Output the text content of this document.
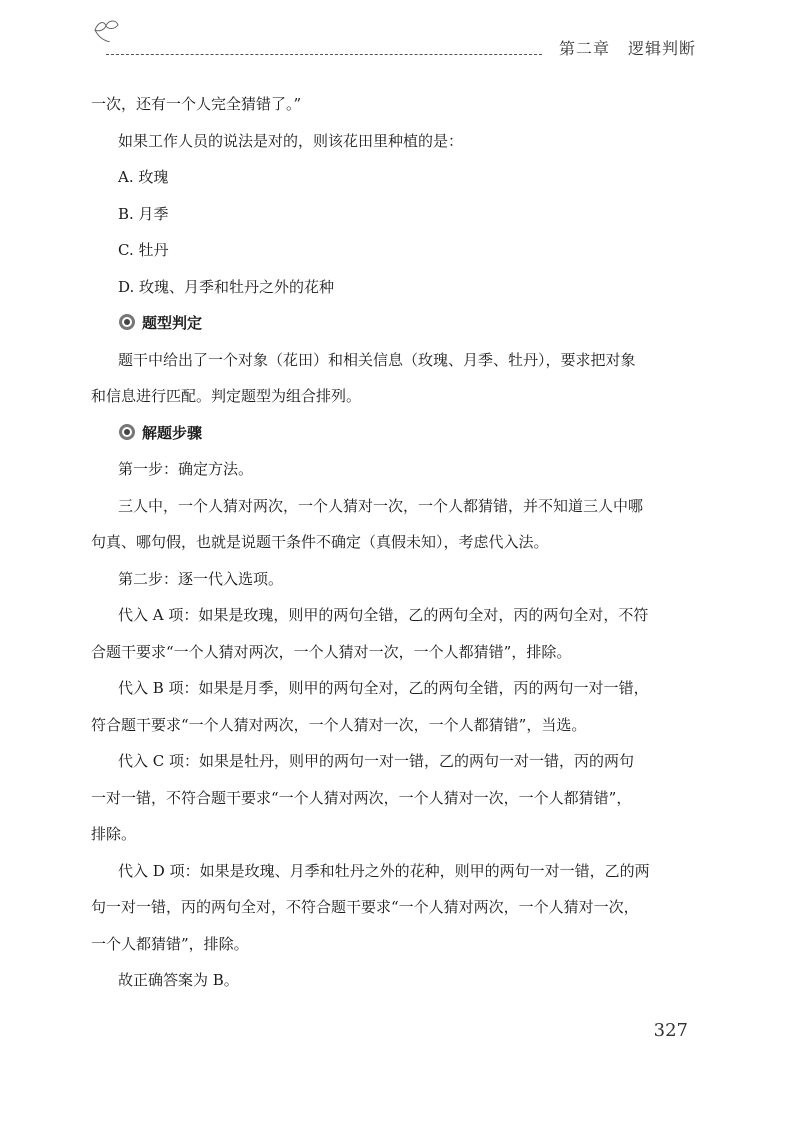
第二章 逻辑判断

一次，还有一个人完全猜错了。”

如果工作人员的说法是对的，则该花田里种植的是：

A. 玫瑰

B. 月季

C. 牡丹

D. 玫瑰、月季和牡丹之外的花种

题型判定

题干中给出了一个对象（花田）和相关信息（玫瑰、月季、牡丹），要求把对象

和信息进行匹配。判定题型为组合排列。

解题步骤

第一步：确定方法。

三人中，一个人猜对两次，一个人猜对一次，一个人都猜错，并不知道三人中哪

句真、哪句假，也就是说题干条件不确定（真假未知），考虑代入法。

第二步：逐一代入选项。

代入 A 项：如果是玫瑰，则甲的两句全错，乙的两句全对，丙的两句全对，不符

合题干要求“一个人猜对两次，一个人猜对一次，一个人都猜错”，排除。

代入 B 项：如果是月季，则甲的两句全对，乙的两句全错，丙的两句一对一错，

符合题干要求“一个人猜对两次，一个人猜对一次，一个人都猜错”，当选。

代入 C 项：如果是牡丹，则甲的两句一对一错，乙的两句一对一错，丙的两句

一对一错，不符合题干要求“一个人猜对两次，一个人猜对一次，一个人都猜错”，

排除。

代入 D 项：如果是玫瑰、月季和牡丹之外的花种，则甲的两句一对一错，乙的两

句一对一错，丙的两句全对，不符合题干要求“一个人猜对两次，一个人猜对一次，

一个人都猜错”，排除。

故正确答案为 B。

327
